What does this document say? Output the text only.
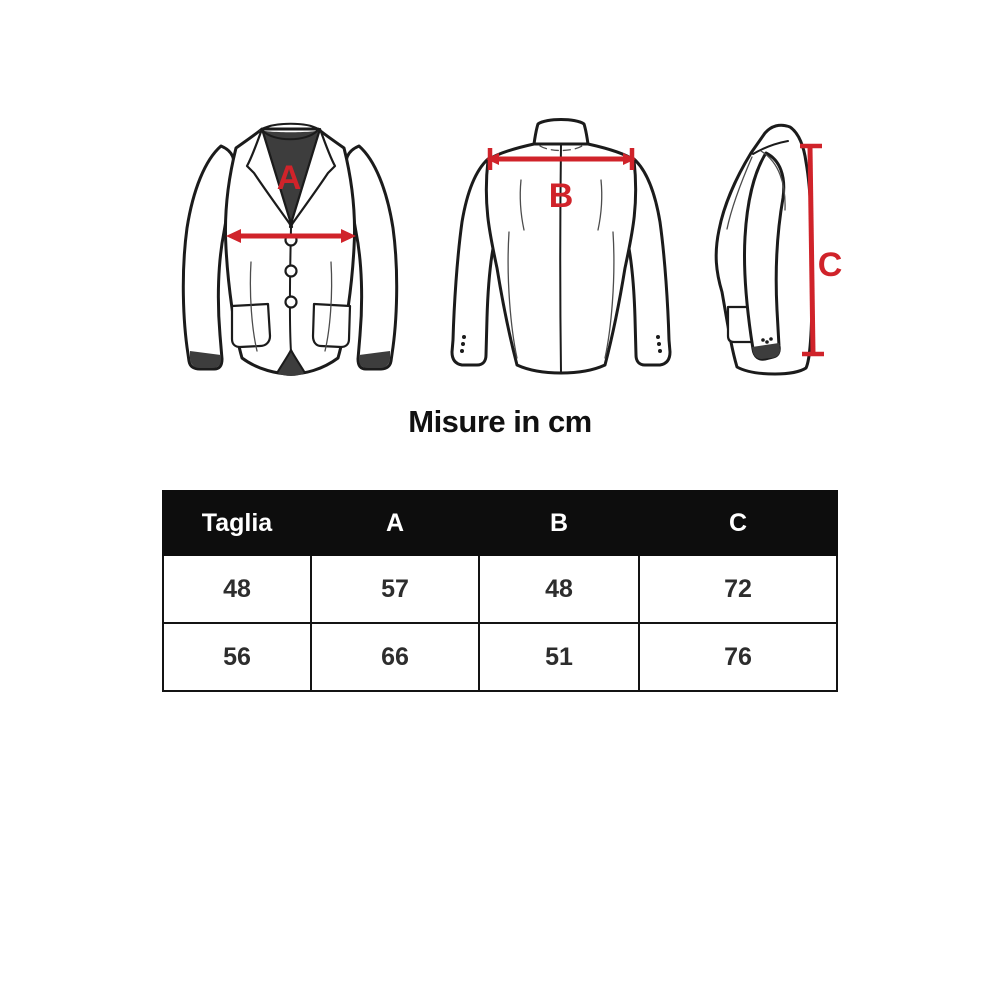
A	B
C
Misure in cm
Taglia	A	B	C
48	57	48	72
56	66	51	76
